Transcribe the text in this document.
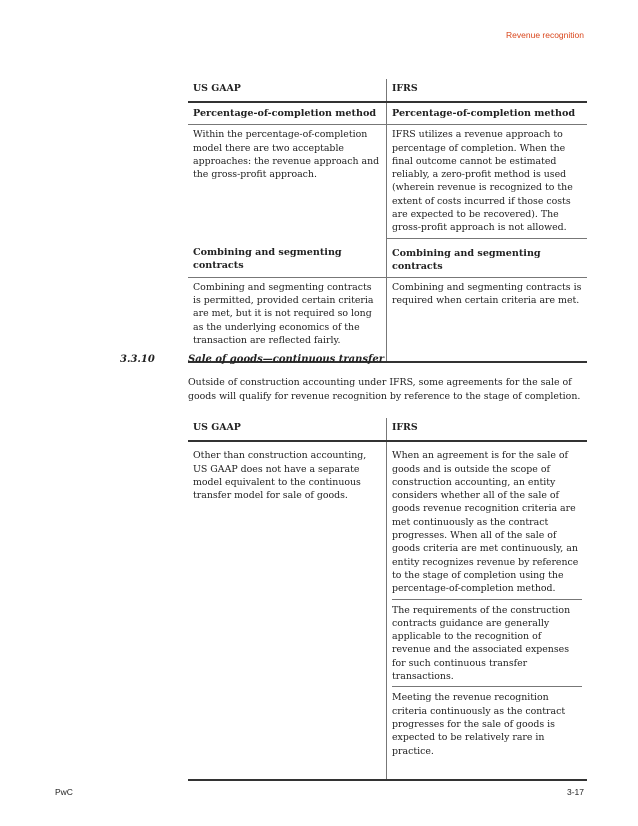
Revenue recognition
US GAAP	IFRS
Percentage-of-completion method	Percentage-of-completion method
Within the percentage-of-completion model there are two acceptable approaches: the revenue approach and the gross-profit approach.	IFRS utilizes a revenue approach to percentage of completion. When the final outcome cannot be estimated reliably, a zero-profit method is used (wherein revenue is recognized to the extent of costs incurred if those costs are expected to be recovered). The gross-profit approach is not allowed.
Combining and segmenting contracts	Combining and segmenting contracts
Combining and segmenting contracts is permitted, provided certain criteria are met, but it is not required so long as the underlying economics of the transaction are reflected fairly.	Combining and segmenting contracts is required when certain criteria are met.
3.3.10	Sale of goods—continuous transfer

Outside of construction accounting under IFRS, some agreements for the sale of goods will qualify for revenue recognition by reference to the stage of completion.

US GAAP	IFRS
Other than construction accounting, US GAAP does not have a separate model equivalent to the continuous transfer model for sale of goods.	When an agreement is for the sale of goods and is outside the scope of construction accounting, an entity considers whether all of the sale of goods revenue recognition criteria are met continuously as the contract progresses. When all of the sale of goods criteria are met continuously, an entity recognizes revenue by reference to the stage of completion using the percentage-of-completion method.

The requirements of the construction contracts guidance are generally applicable to the recognition of revenue and the associated expenses for such continuous transfer transactions.

Meeting the revenue recognition criteria continuously as the contract progresses for the sale of goods is expected to be relatively rare in practice.

PwC	3-17
